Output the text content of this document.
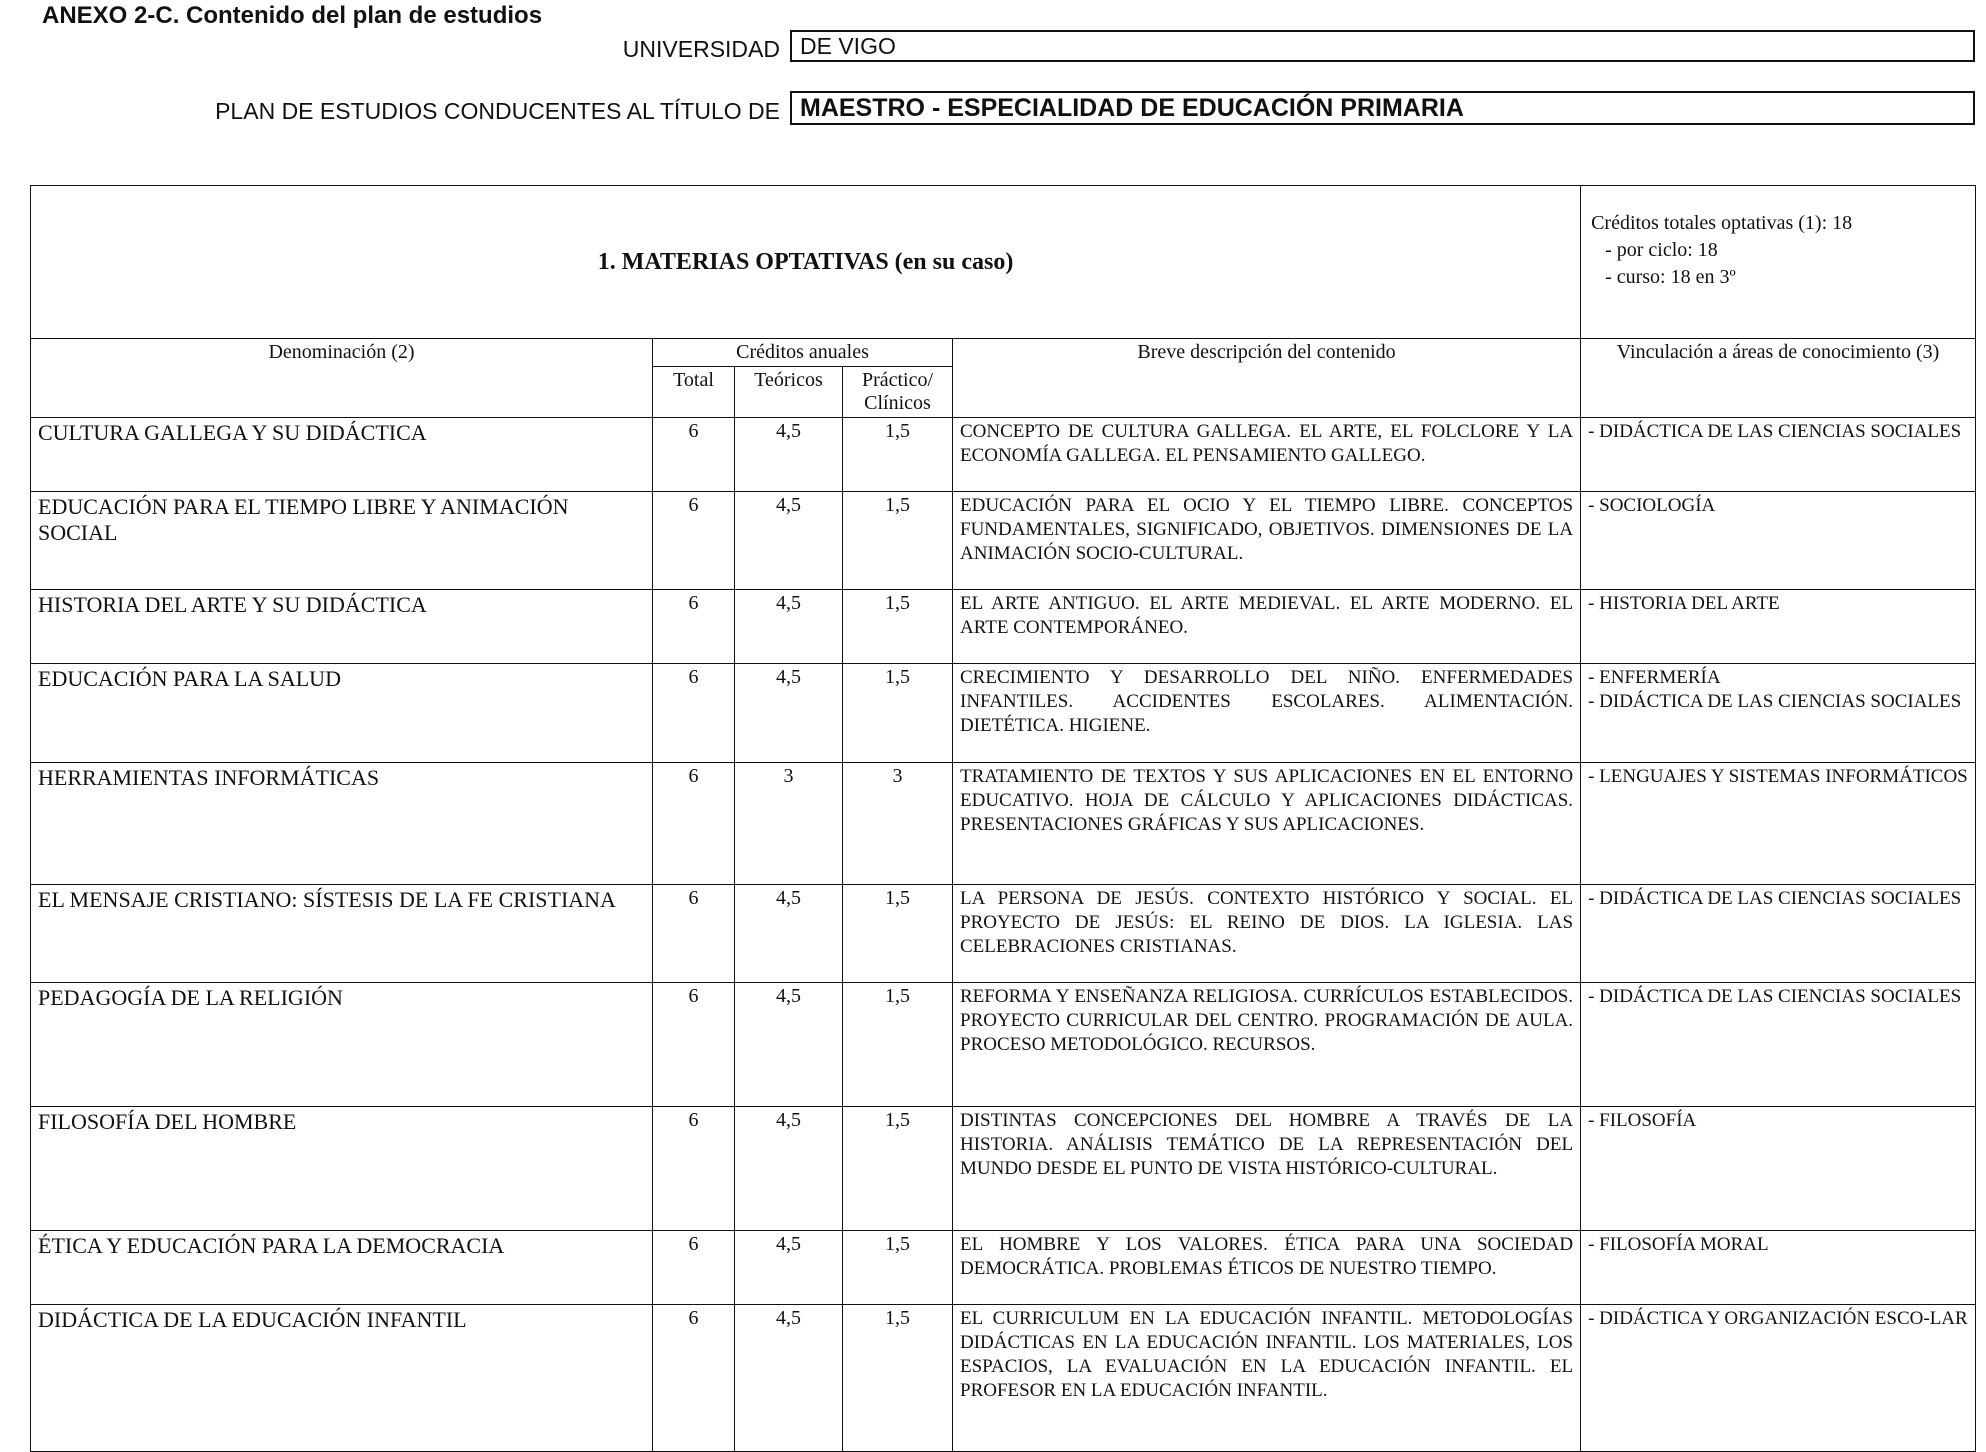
ANEXO 2-C. Contenido del plan de estudios
UNIVERSIDAD DE VIGO
PLAN DE ESTUDIOS CONDUCENTES AL TÍTULO DE MAESTRO - ESPECIALIDAD DE EDUCACIÓN PRIMARIA
1. MATERIAS OPTATIVAS (en su caso)					Créditos totales optativas (1): 18
- por ciclo: 18
- curso: 18 en 3º

Denominación (2)	Créditos anuales			Breve descripción del contenido	Vinculación a áreas de conocimiento (3)
	Total	Teóricos	Práctico/ Clínicos		
CULTURA GALLEGA Y SU DIDÁCTICA	6	4,5	1,5	CONCEPTO DE CULTURA GALLEGA. EL ARTE, EL FOLCLORE Y LA ECONOMÍA GALLEGA. EL PENSAMIENTO GALLEGO.	- DIDÁCTICA DE LAS CIENCIAS SOCIALES
EDUCACIÓN PARA EL TIEMPO LIBRE Y ANIMACIÓN SOCIAL	6	4,5	1,5	EDUCACIÓN PARA EL OCIO Y EL TIEMPO LIBRE. CONCEPTOS FUNDAMENTALES, SIGNIFICADO, OBJETIVOS. DIMENSIONES DE LA ANIMACIÓN SOCIO-CULTURAL.	- SOCIOLOGÍA
HISTORIA DEL ARTE Y SU DIDÁCTICA	6	4,5	1,5	EL ARTE ANTIGUO. EL ARTE MEDIEVAL. EL ARTE MODERNO. EL ARTE CONTEMPORÁNEO.	- HISTORIA DEL ARTE
EDUCACIÓN PARA LA SALUD	6	4,5	1,5	CRECIMIENTO Y DESARROLLO DEL NIÑO. ENFERMEDADES INFANTILES. ACCIDENTES ESCOLARES. ALIMENTACIÓN. DIETÉTICA. HIGIENE.	- ENFERMERÍA
- DIDÁCTICA DE LAS CIENCIAS SOCIALES
HERRAMIENTAS INFORMÁTICAS	6	3	3	TRATAMIENTO DE TEXTOS Y SUS APLICACIONES EN EL ENTORNO EDUCATIVO. HOJA DE CÁLCULO Y APLICACIONES DIDÁCTICAS. PRESENTACIONES GRÁFICAS Y SUS APLICACIONES.	- LENGUAJES Y SISTEMAS INFORMÁTICOS
EL MENSAJE CRISTIANO: SÍSTESIS DE LA FE CRISTIANA	6	4,5	1,5	LA PERSONA DE JESÚS. CONTEXTO HISTÓRICO Y SOCIAL. EL PROYECTO DE JESÚS: EL REINO DE DIOS. LA IGLESIA. LAS CELEBRACIONES CRISTIANAS.	- DIDÁCTICA DE LAS CIENCIAS SOCIALES
PEDAGOGÍA DE LA RELIGIÓN	6	4,5	1,5	REFORMA Y ENSEÑANZA RELIGIOSA. CURRÍCULOS ESTABLECIDOS. PROYECTO CURRICULAR DEL CENTRO. PROGRAMACIÓN DE AULA. PROCESO METODOLÓGICO. RECURSOS.	- DIDÁCTICA DE LAS CIENCIAS SOCIALES
FILOSOFÍA DEL HOMBRE	6	4,5	1,5	DISTINTAS CONCEPCIONES DEL HOMBRE A TRAVÉS DE LA HISTORIA. ANÁLISIS TEMÁTICO DE LA REPRESENTACIÓN DEL MUNDO DESDE EL PUNTO DE VISTA HISTÓRICO-CULTURAL.	- FILOSOFÍA
ÉTICA Y EDUCACIÓN PARA LA DEMOCRACIA	6	4,5	1,5	EL HOMBRE Y LOS VALORES. ÉTICA PARA UNA SOCIEDAD DEMOCRÁTICA. PROBLEMAS ÉTICOS DE NUESTRO TIEMPO.	- FILOSOFÍA MORAL
DIDÁCTICA DE LA EDUCACIÓN INFANTIL	6	4,5	1,5	EL CURRICULUM EN LA EDUCACIÓN INFANTIL. METODOLOGÍAS DIDÁCTICAS EN LA EDUCACIÓN INFANTIL. LOS MATERIALES, LOS ESPACIOS, LA EVALUACIÓN EN LA EDUCACIÓN INFANTIL. EL PROFESOR EN LA EDUCACIÓN INFANTIL.	- DIDÁCTICA Y ORGANIZACIÓN ESCO-LAR
